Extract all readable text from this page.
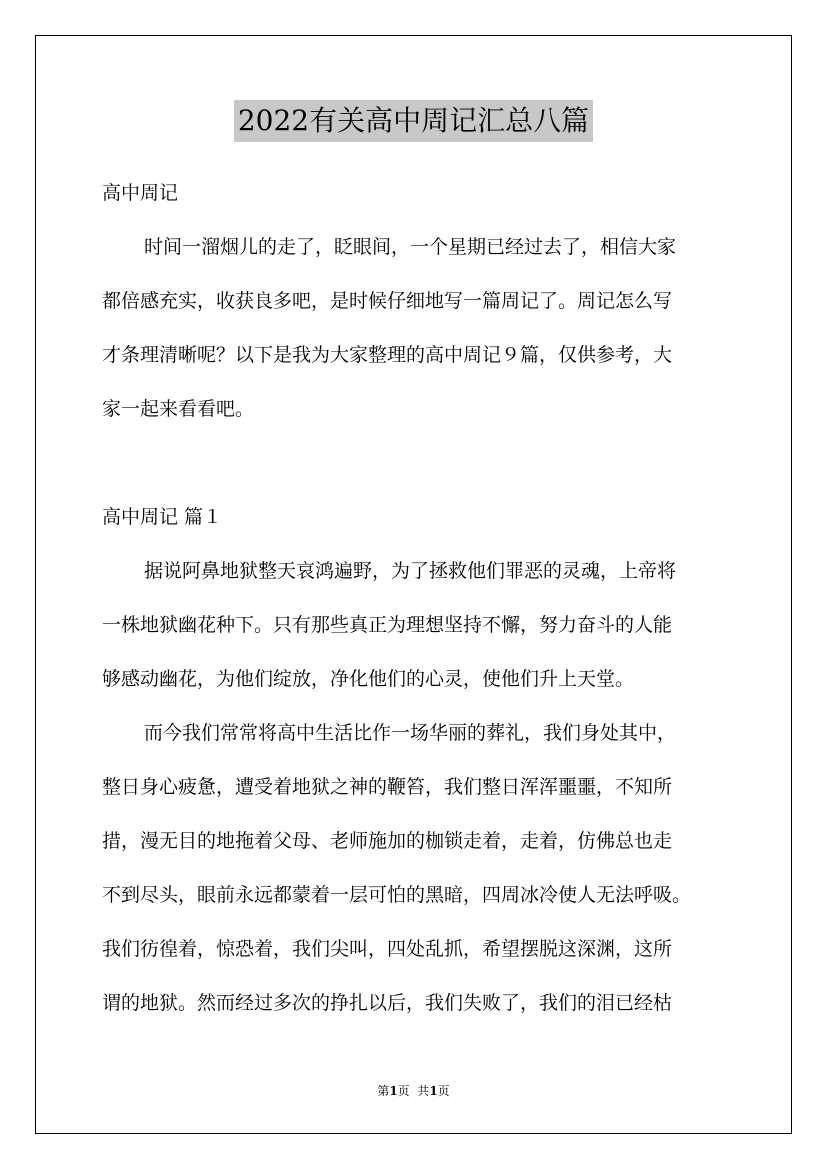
2022有关高中周记汇总八篇
高中周记
时间一溜烟儿的走了，眨眼间，一个星期已经过去了，相信大家
都倍感充实，收获良多吧，是时候仔细地写一篇周记了。周记怎么写
才条理清晰呢？以下是我为大家整理的高中周记９篇，仅供参考，大
家一起来看看吧。
高中周记 篇１
据说阿鼻地狱整天哀鸿遍野，为了拯救他们罪恶的灵魂，上帝将
一株地狱幽花种下。只有那些真正为理想坚持不懈，努力奋斗的人能
够感动幽花，为他们绽放，净化他们的心灵，使他们升上天堂。
而今我们常常将高中生活比作一场华丽的葬礼，我们身处其中，
整日身心疲惫，遭受着地狱之神的鞭笞，我们整日浑浑噩噩，不知所
措，漫无目的地拖着父母、老师施加的枷锁走着，走着，仿佛总也走
不到尽头，眼前永远都蒙着一层可怕的黑暗，四周冰冷使人无法呼吸。
我们彷徨着，惊恐着，我们尖叫，四处乱抓，希望摆脱这深渊，这所
谓的地狱。然而经过多次的挣扎以后，我们失败了，我们的泪已经枯
第1页  共1页
